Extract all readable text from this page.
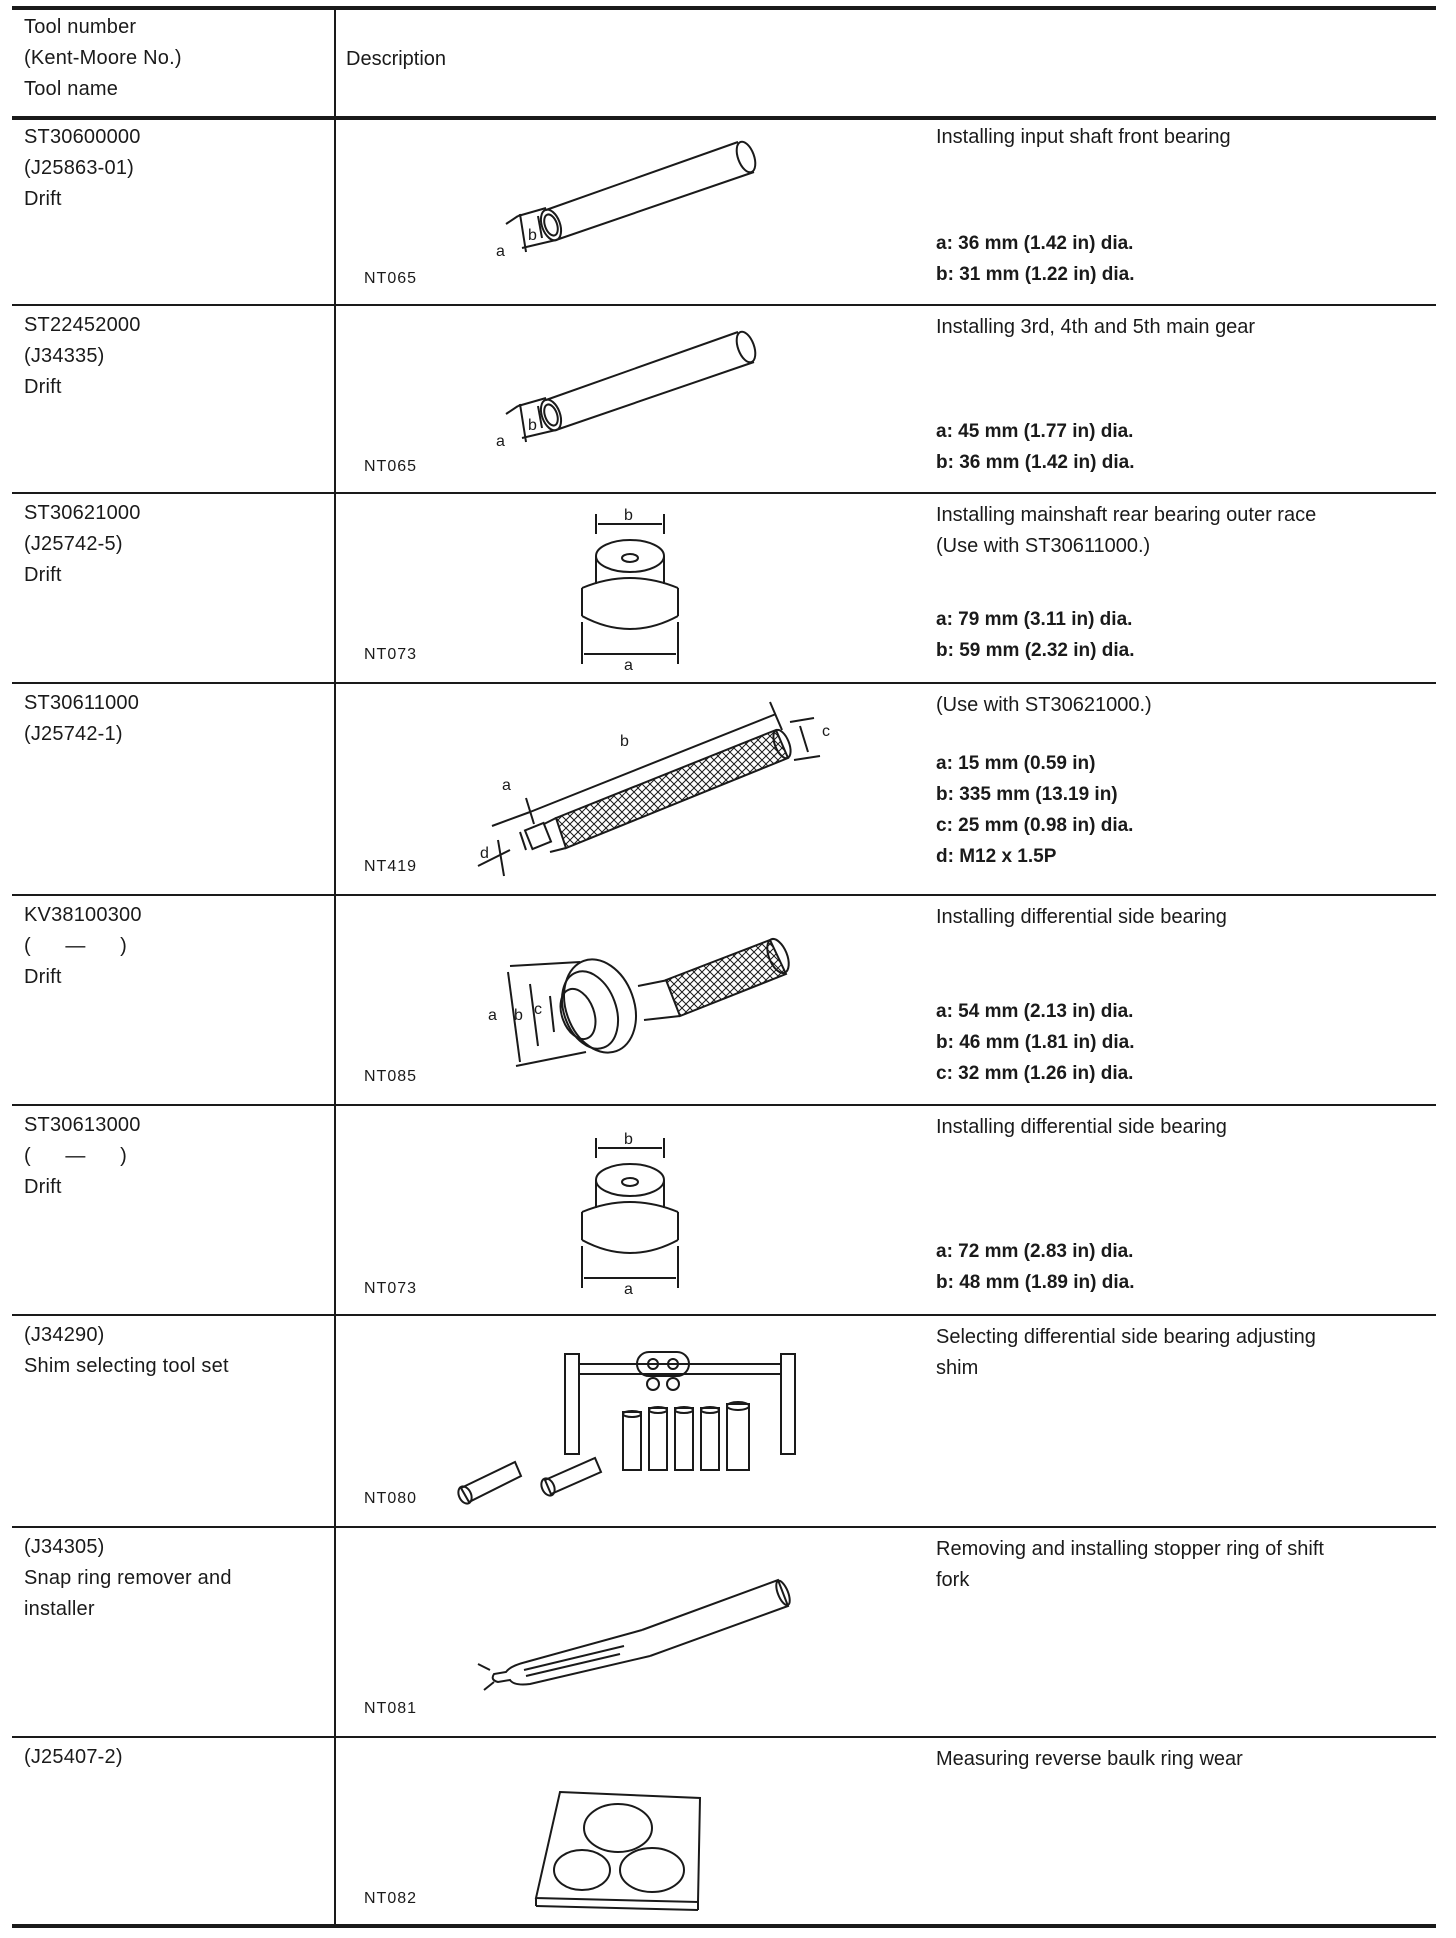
Tool number
(Kent-Moore No.)
Tool name
Description
ST30600000
(J25863-01)
Drift
NT065
a
b
Installing input shaft front bearing
a: 36 mm (1.42 in) dia.
b: 31 mm (1.22 in) dia.
ST22452000
(J34335)
Drift
NT065
a
b
Installing 3rd, 4th and 5th main gear
a: 45 mm (1.77 in) dia.
b: 36 mm (1.42 in) dia.
ST30621000
(J25742-5)
Drift
NT073
b
a
Installing mainshaft rear bearing outer race
(Use with ST30611000.)
a: 79 mm (3.11 in) dia.
b: 59 mm (2.32 in) dia.
ST30611000
(J25742-1)
NT419
b
a
c
d
(Use with ST30621000.)
a: 15 mm (0.59 in)
b: 335 mm (13.19 in)
c: 25 mm (0.98 in) dia.
d: M12 x 1.5P
KV38100300
(      —      )
Drift
NT085
a b c
Installing differential side bearing
a: 54 mm (2.13 in) dia.
b: 46 mm (1.81 in) dia.
c: 32 mm (1.26 in) dia.
ST30613000
(      —      )
Drift
NT073
b
a
Installing differential side bearing
a: 72 mm (2.83 in) dia.
b: 48 mm (1.89 in) dia.
(J34290)
Shim selecting tool set
NT080
Selecting differential side bearing adjusting
shim
(J34305)
Snap ring remover and
installer
NT081
Removing and installing stopper ring of shift
fork
(J25407-2)
NT082
Measuring reverse baulk ring wear
